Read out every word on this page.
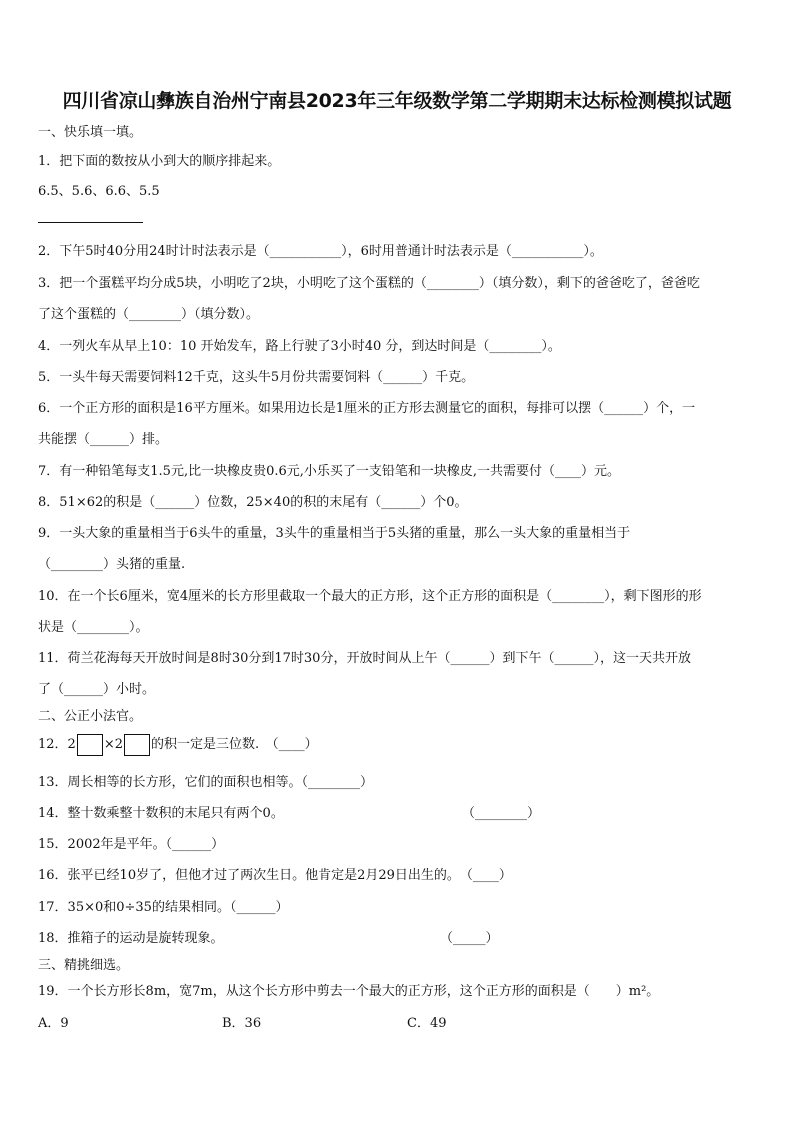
四川省凉山彝族自治州宁南县2023年三年级数学第二学期期末达标检测模拟试题
一、快乐填一填。
1．把下面的数按从小到大的顺序排起来。
6.5、5.6、6.6、5.5
2．下午5时40分用24时计时法表示是（___________），6时用普通计时法表示是（___________）。
3．把一个蛋糕平均分成5块，小明吃了2块，小明吃了这个蛋糕的（________）（填分数），剩下的爸爸吃了，爸爸吃
了这个蛋糕的（________）（填分数）。
4．一列火车从早上10：10 开始发车，路上行驶了3小时40 分，到达时间是（________）。
5．一头牛每天需要饲料12千克，这头牛5月份共需要饲料（______）千克。
6．一个正方形的面积是16平方厘米。如果用边长是1厘米的正方形去测量它的面积，每排可以摆（______）个，一
共能摆（______）排。
7．有一种铅笔每支1.5元,比一块橡皮贵0.6元,小乐买了一支铅笔和一块橡皮,一共需要付（____）元。
8．51×62的积是（______）位数，25×40的积的末尾有（______）个0。
9．一头大象的重量相当于6头牛的重量，3头牛的重量相当于5头猪的重量，那么一头大象的重量相当于
（________）头猪的重量.
10．在一个长6厘米，宽4厘米的长方形里截取一个最大的正方形，这个正方形的面积是（________），剩下图形的形
状是（________）。
11．荷兰花海每天开放时间是8时30分到17时30分，开放时间从上午（______）到下午（______），这一天共开放
了（______）小时。
二、公正小法官。
12．2 ×2 的积一定是三位数.　（____）
13．周长相等的长方形，它们的面积也相等。（________）
14．整十数乘整十数积的末尾只有两个0。	（________）
15．2002年是平年。（______）
16．张平已经10岁了，但他才过了两次生日。他肯定是2月29日出生的。　（____）
17．35×0和0÷35的结果相同。（______）
18．推箱子的运动是旋转现象。	（_____）
三、精挑细选。
19．一个长方形长8m，宽7m，从这个长方形中剪去一个最大的正方形，这个正方形的面积是（　　）m²。
A．9	B．36	C．49
